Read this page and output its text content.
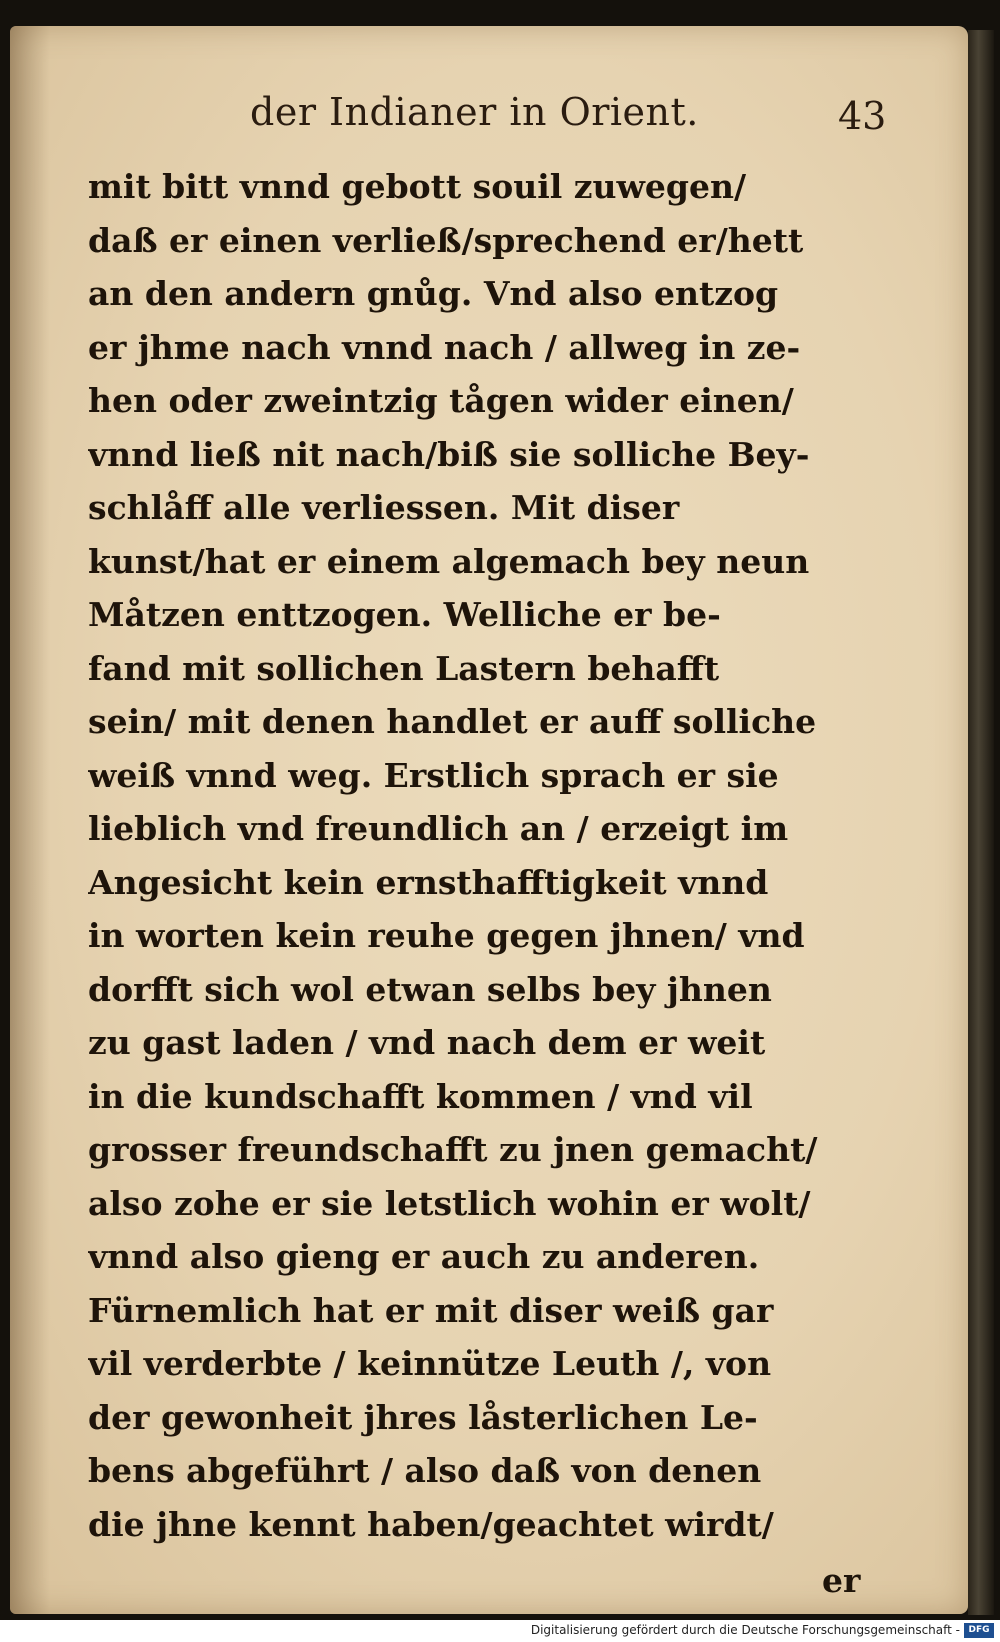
der Indianer in Orient.	43
mit bitt vnnd gebott souil zuwegen/
daß er einen verließ/sprechend er/hett
an den andern gnůg. Vnd also entzog
er jhme nach vnnd nach / allweg in ze-
hen oder zweintzig tågen wider einen/
vnnd ließ nit nach/biß sie solliche Bey-
schlåff alle verliessen. Mit diser
kunst/hat er einem algemach bey neun
Måtzen enttzogen. Welliche er be-
fand mit sollichen Lastern behafft
sein/ mit denen handlet er auff solliche
weiß vnnd weg. Erstlich sprach er sie
lieblich vnd freundlich an / erzeigt im
Angesicht kein ernsthafftigkeit vnnd
in worten kein reuhe gegen jhnen/ vnd
dorfft sich wol etwan selbs bey jhnen
zu gast laden / vnd nach dem er weit
in die kundschafft kommen / vnd vil
grosser freundschafft zu jnen gemacht/
also zohe er sie letstlich wohin er wolt/
vnnd also gieng er auch zu anderen.
Fürnemlich hat er mit diser weiß gar
vil verderbte / keinnütze Leuth /, von
der gewonheit jhres låsterlichen Le-
bens abgeführt / also daß von denen
die jhne kennt haben/geachtet wirdt/
er
Digitalisierung gefördert durch die Deutsche Forschungsgemeinschaft - DFG
